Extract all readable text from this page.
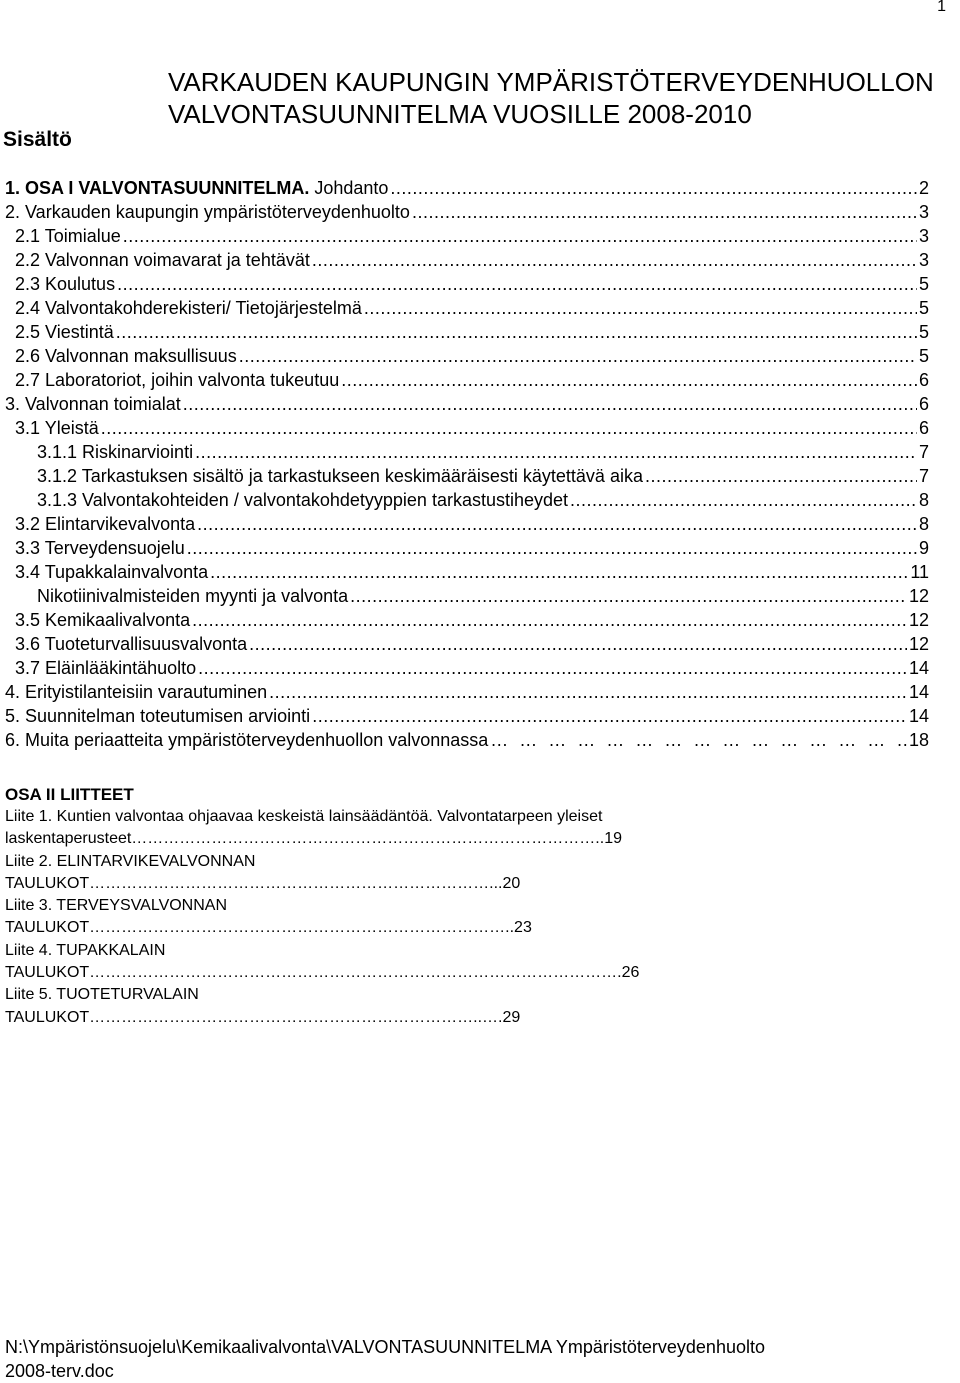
1
VARKAUDEN KAUPUNGIN YMPÄRISTÖTERVEYDENHUOLLON
VALVONTASUUNNITELMA VUOSILLE 2008-2010
Sisältö
1. OSA I VALVONTASUUNNITELMA. Johdanto .....	2
2. Varkauden kaupungin ympäristöterveydenhuolto .....	3
2.1 Toimialue .....	3
2.2 Valvonnan voimavarat ja tehtävät .....	3
2.3 Koulutus .....	5
2.4 Valvontakohderekisteri/ Tietojärjestelmä .....	5
2.5 Viestintä .....	5
2.6 Valvonnan maksullisuus .....	5
2.7 Laboratoriot, joihin valvonta tukeutuu .....	6
3. Valvonnan toimialat .....	6
3.1 Yleistä .....	6
3.1.1 Riskinarviointi .....	7
3.1.2 Tarkastuksen sisältö ja tarkastukseen keskimääräisesti käytettävä aika .....	7
3.1.3 Valvontakohteiden / valvontakohdetyyppien tarkastustiheydet .....	8
3.2 Elintarvikevalvonta .....	8
3.3 Terveydensuojelu .....	9
3.4 Tupakkalainvalvonta .....	11
Nikotiinivalmisteiden myynti ja valvonta .....	12
3.5 Kemikaalivalvonta .....	12
3.6 Tuoteturvallisuusvalvonta .....	12
3.7 Eläinlääkintähuolto .....	14
4. Erityistilanteisiin varautuminen .....	14
5. Suunnitelman toteutumisen arviointi .....	14
6. Muita periaatteita ympäristöterveydenhuollon valvonnassa … … … … … … … … … … … … … … … … … … … … … … … … … … … … … … … … … … … … … … … … …	18
OSA II LIITTEET
Liite 1. Kuntien valvontaa ohjaavaa keskeistä lainsäädäntöä. Valvontatarpeen yleiset
laskentaperusteet……………………………………………………………………………..19
Liite 2. ELINTARVIKEVALVONNAN
TAULUKOT…………………………………………………………………...20
Liite 3. TERVEYSVALVONNAN
TAULUKOT……………………………………………………………………..23
Liite 4. TUPAKKALAIN
TAULUKOT……………………………………………………………………………………….26
Liite 5. TUOTETURVALAIN
TAULUKOT………………………………………………………………..….29
N:\Ympäristönsuojelu\Kemikaalivalvonta\VALVONTASUUNNITELMA Ympäristöterveydenhuolto
2008-terv.doc
